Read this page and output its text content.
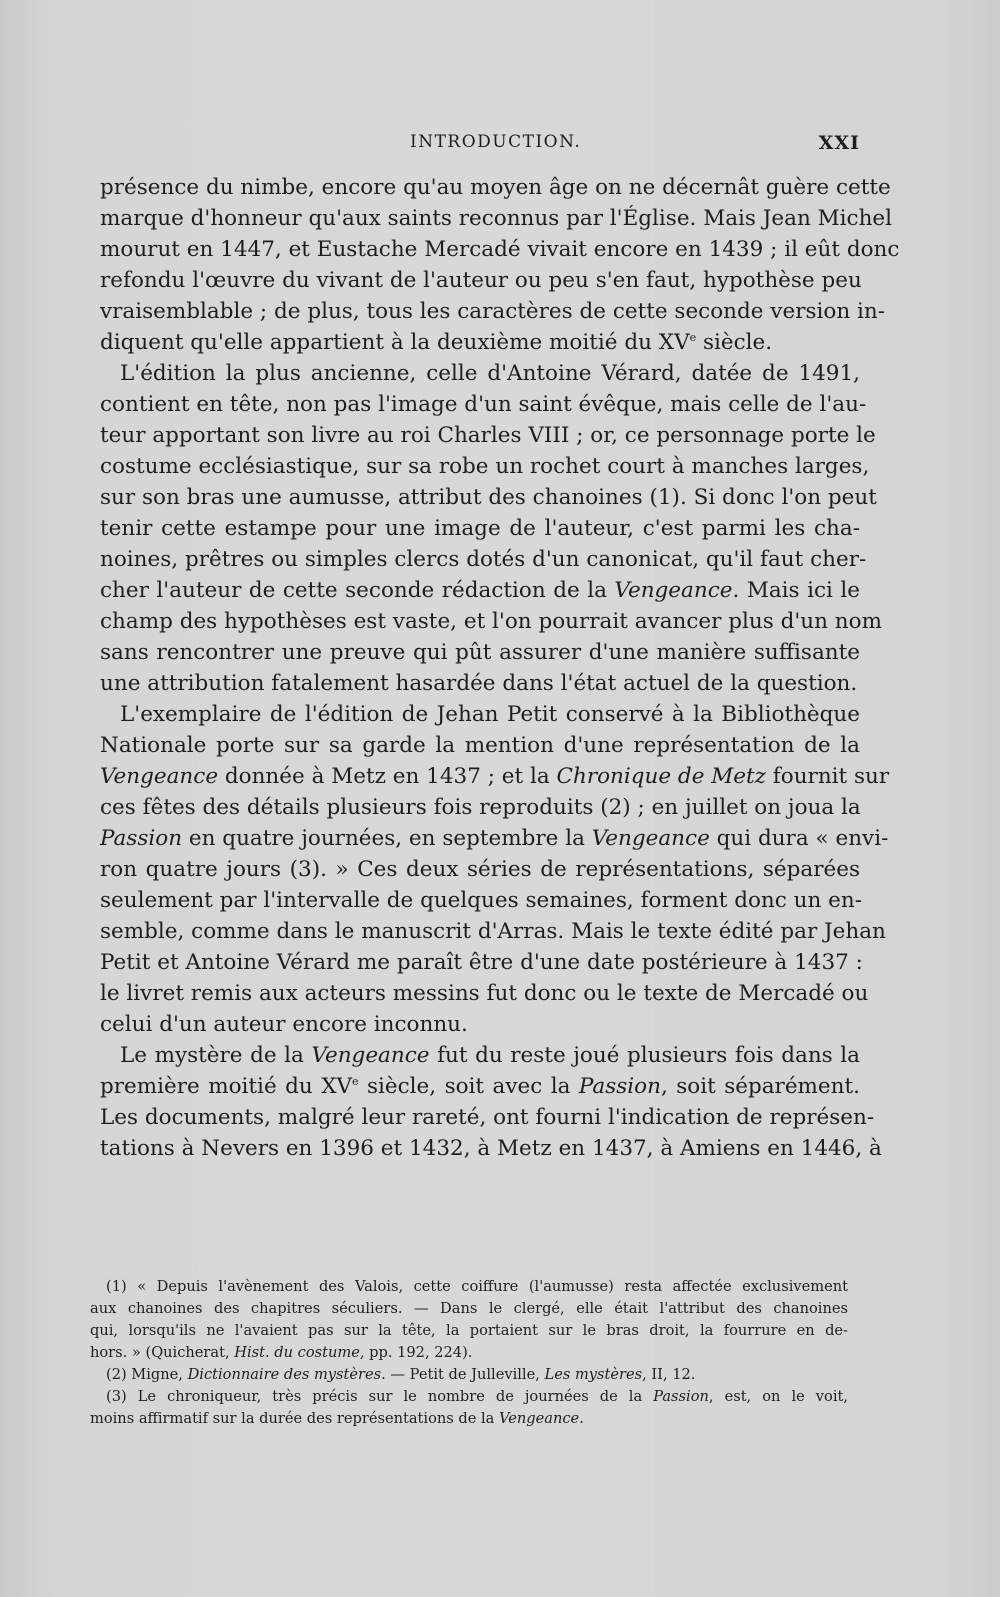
INTRODUCTION.	XXI
présence du nimbe, encore qu'au moyen âge on ne décernât guère cette
marque d'honneur qu'aux saints reconnus par l'Église. Mais Jean Michel
mourut en 1447, et Eustache Mercadé vivait encore en 1439 ; il eût donc
refondu l'œuvre du vivant de l'auteur ou peu s'en faut, hypothèse peu
vraisemblable ; de plus, tous les caractères de cette seconde version in-
diquent qu'elle appartient à la deuxième moitié du XVe siècle.
L'édition la plus ancienne, celle d'Antoine Vérard, datée de 1491,
contient en tête, non pas l'image d'un saint évêque, mais celle de l'au-
teur apportant son livre au roi Charles VIII ; or, ce personnage porte le
costume ecclésiastique, sur sa robe un rochet court à manches larges,
sur son bras une aumusse, attribut des chanoines (1). Si donc l'on peut
tenir cette estampe pour une image de l'auteur, c'est parmi les cha-
noines, prêtres ou simples clercs dotés d'un canonicat, qu'il faut cher-
cher l'auteur de cette seconde rédaction de la Vengeance. Mais ici le
champ des hypothèses est vaste, et l'on pourrait avancer plus d'un nom
sans rencontrer une preuve qui pût assurer d'une manière suffisante
une attribution fatalement hasardée dans l'état actuel de la question.
L'exemplaire de l'édition de Jehan Petit conservé à la Bibliothèque
Nationale porte sur sa garde la mention d'une représentation de la
Vengeance donnée à Metz en 1437 ; et la Chronique de Metz fournit sur
ces fêtes des détails plusieurs fois reproduits (2) ; en juillet on joua la
Passion en quatre journées, en septembre la Vengeance qui dura « envi-
ron quatre jours (3). » Ces deux séries de représentations, séparées
seulement par l'intervalle de quelques semaines, forment donc un en-
semble, comme dans le manuscrit d'Arras. Mais le texte édité par Jehan
Petit et Antoine Vérard me paraît être d'une date postérieure à 1437 :
le livret remis aux acteurs messins fut donc ou le texte de Mercadé ou
celui d'un auteur encore inconnu.
Le mystère de la Vengeance fut du reste joué plusieurs fois dans la
première moitié du XVe siècle, soit avec la Passion, soit séparément.
Les documents, malgré leur rareté, ont fourni l'indication de représen-
tations à Nevers en 1396 et 1432, à Metz en 1437, à Amiens en 1446, à
(1) « Depuis l'avènement des Valois, cette coiffure (l'aumusse) resta affectée exclusivement
aux chanoines des chapitres séculiers. — Dans le clergé, elle était l'attribut des chanoines
qui, lorsqu'ils ne l'avaient pas sur la tête, la portaient sur le bras droit, la fourrure en de-
hors. » (Quicherat, Hist. du costume, pp. 192, 224).
(2) Migne, Dictionnaire des mystères. — Petit de Julleville, Les mystères, II, 12.
(3) Le chroniqueur, très précis sur le nombre de journées de la Passion, est, on le voit,
moins affirmatif sur la durée des représentations de la Vengeance.
